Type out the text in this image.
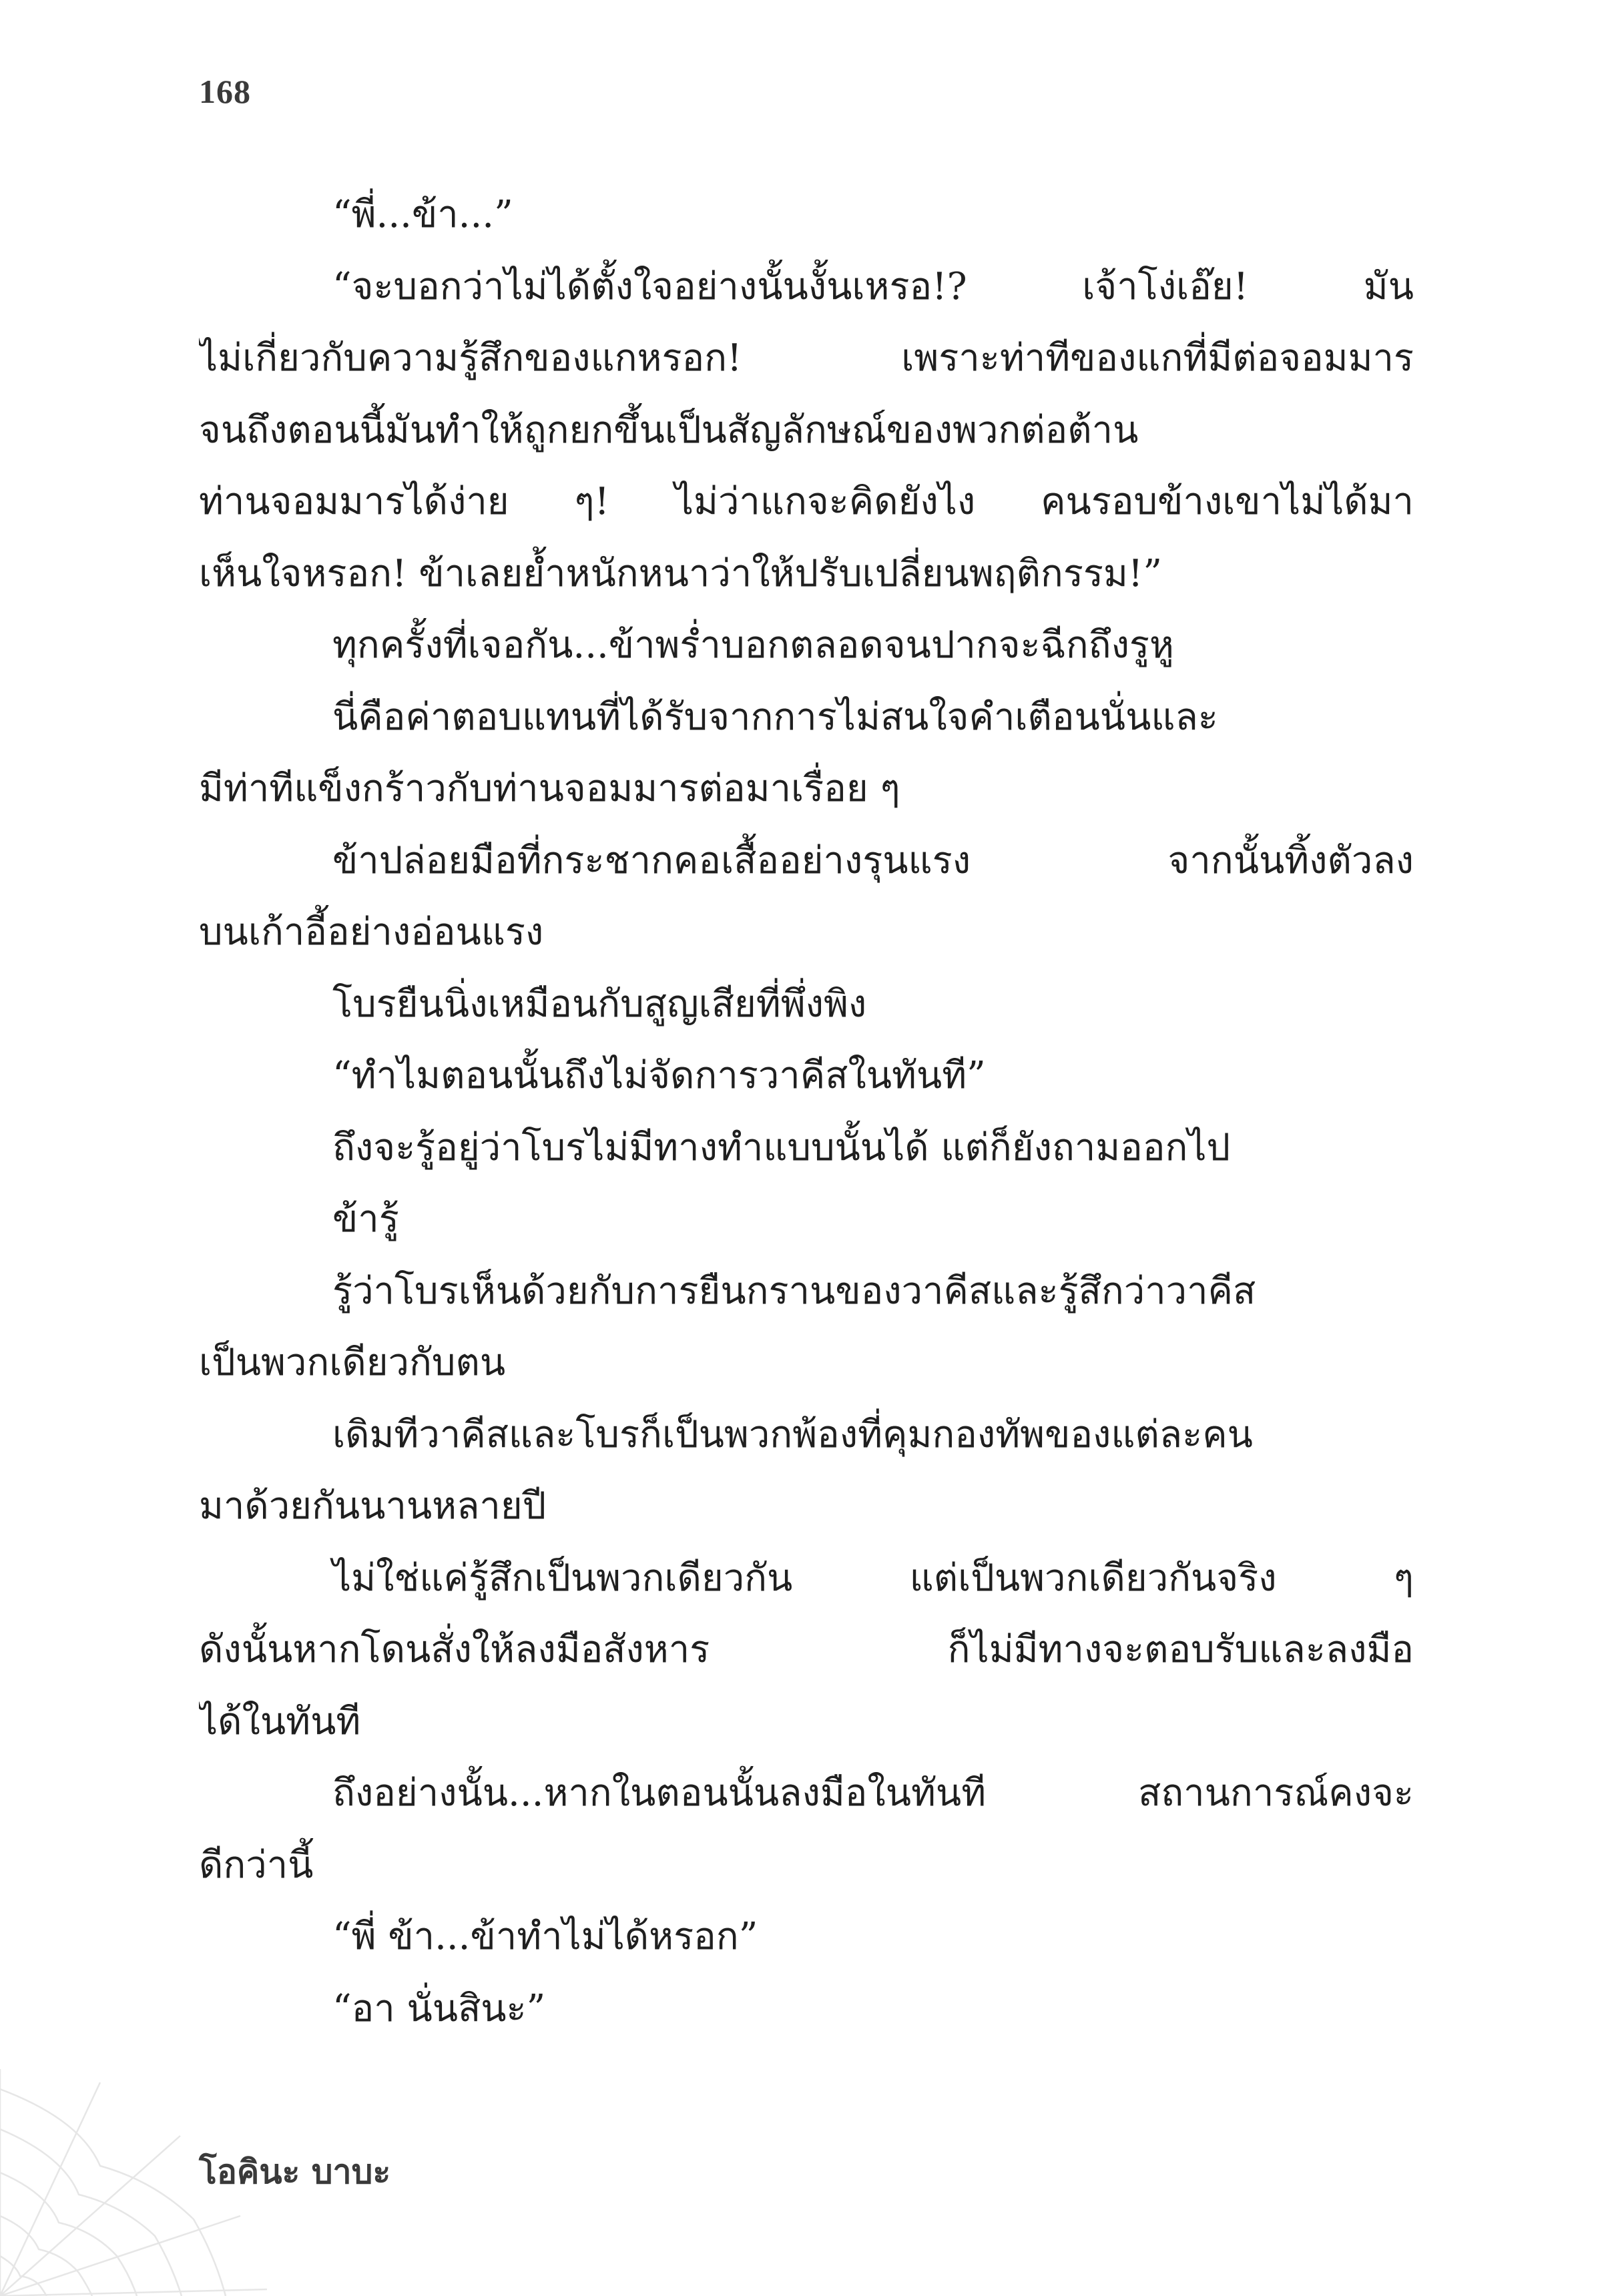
168
“พี่...ข้า...”
“จะบอกว่าไม่ได้ตั้งใจอย่างนั้นงั้นเหรอ!? เจ้าโง่เอ๊ย! มัน
ไม่เกี่ยวกับความรู้สึกของแกหรอก! เพราะท่าทีของแกที่มีต่อจอมมาร
จนถึงตอนนี้มันทำให้ถูกยกขึ้นเป็นสัญลักษณ์ของพวกต่อต้าน
ท่านจอมมารได้ง่าย ๆ! ไม่ว่าแกจะคิดยังไง คนรอบข้างเขาไม่ได้มา
เห็นใจหรอก! ข้าเลยย้ำหนักหนาว่าให้ปรับเปลี่ยนพฤติกรรม!”
ทุกครั้งที่เจอกัน...ข้าพร่ำบอกตลอดจนปากจะฉีกถึงรูหู
นี่คือค่าตอบแทนที่ได้รับจากการไม่สนใจคำเตือนนั่นและ
มีท่าทีแข็งกร้าวกับท่านจอมมารต่อมาเรื่อย ๆ
ข้าปล่อยมือที่กระชากคอเสื้ออย่างรุนแรง จากนั้นทิ้งตัวลง
บนเก้าอี้อย่างอ่อนแรง
โบรยืนนิ่งเหมือนกับสูญเสียที่พึ่งพิง
“ทำไมตอนนั้นถึงไม่จัดการวาคีสในทันที”
ถึงจะรู้อยู่ว่าโบรไม่มีทางทำแบบนั้นได้ แต่ก็ยังถามออกไป
ข้ารู้
รู้ว่าโบรเห็นด้วยกับการยืนกรานของวาคีสและรู้สึกว่าวาคีส
เป็นพวกเดียวกับตน
เดิมทีวาคีสและโบรก็เป็นพวกพ้องที่คุมกองทัพของแต่ละคน
มาด้วยกันนานหลายปี
ไม่ใช่แค่รู้สึกเป็นพวกเดียวกัน แต่เป็นพวกเดียวกันจริง ๆ
ดังนั้นหากโดนสั่งให้ลงมือสังหาร ก็ไม่มีทางจะตอบรับและลงมือ
ได้ในทันที
ถึงอย่างนั้น...หากในตอนนั้นลงมือในทันที สถานการณ์คงจะ
ดีกว่านี้
“พี่ ข้า...ข้าทำไม่ได้หรอก”
“อา นั่นสินะ”
โอคินะ บาบะ
